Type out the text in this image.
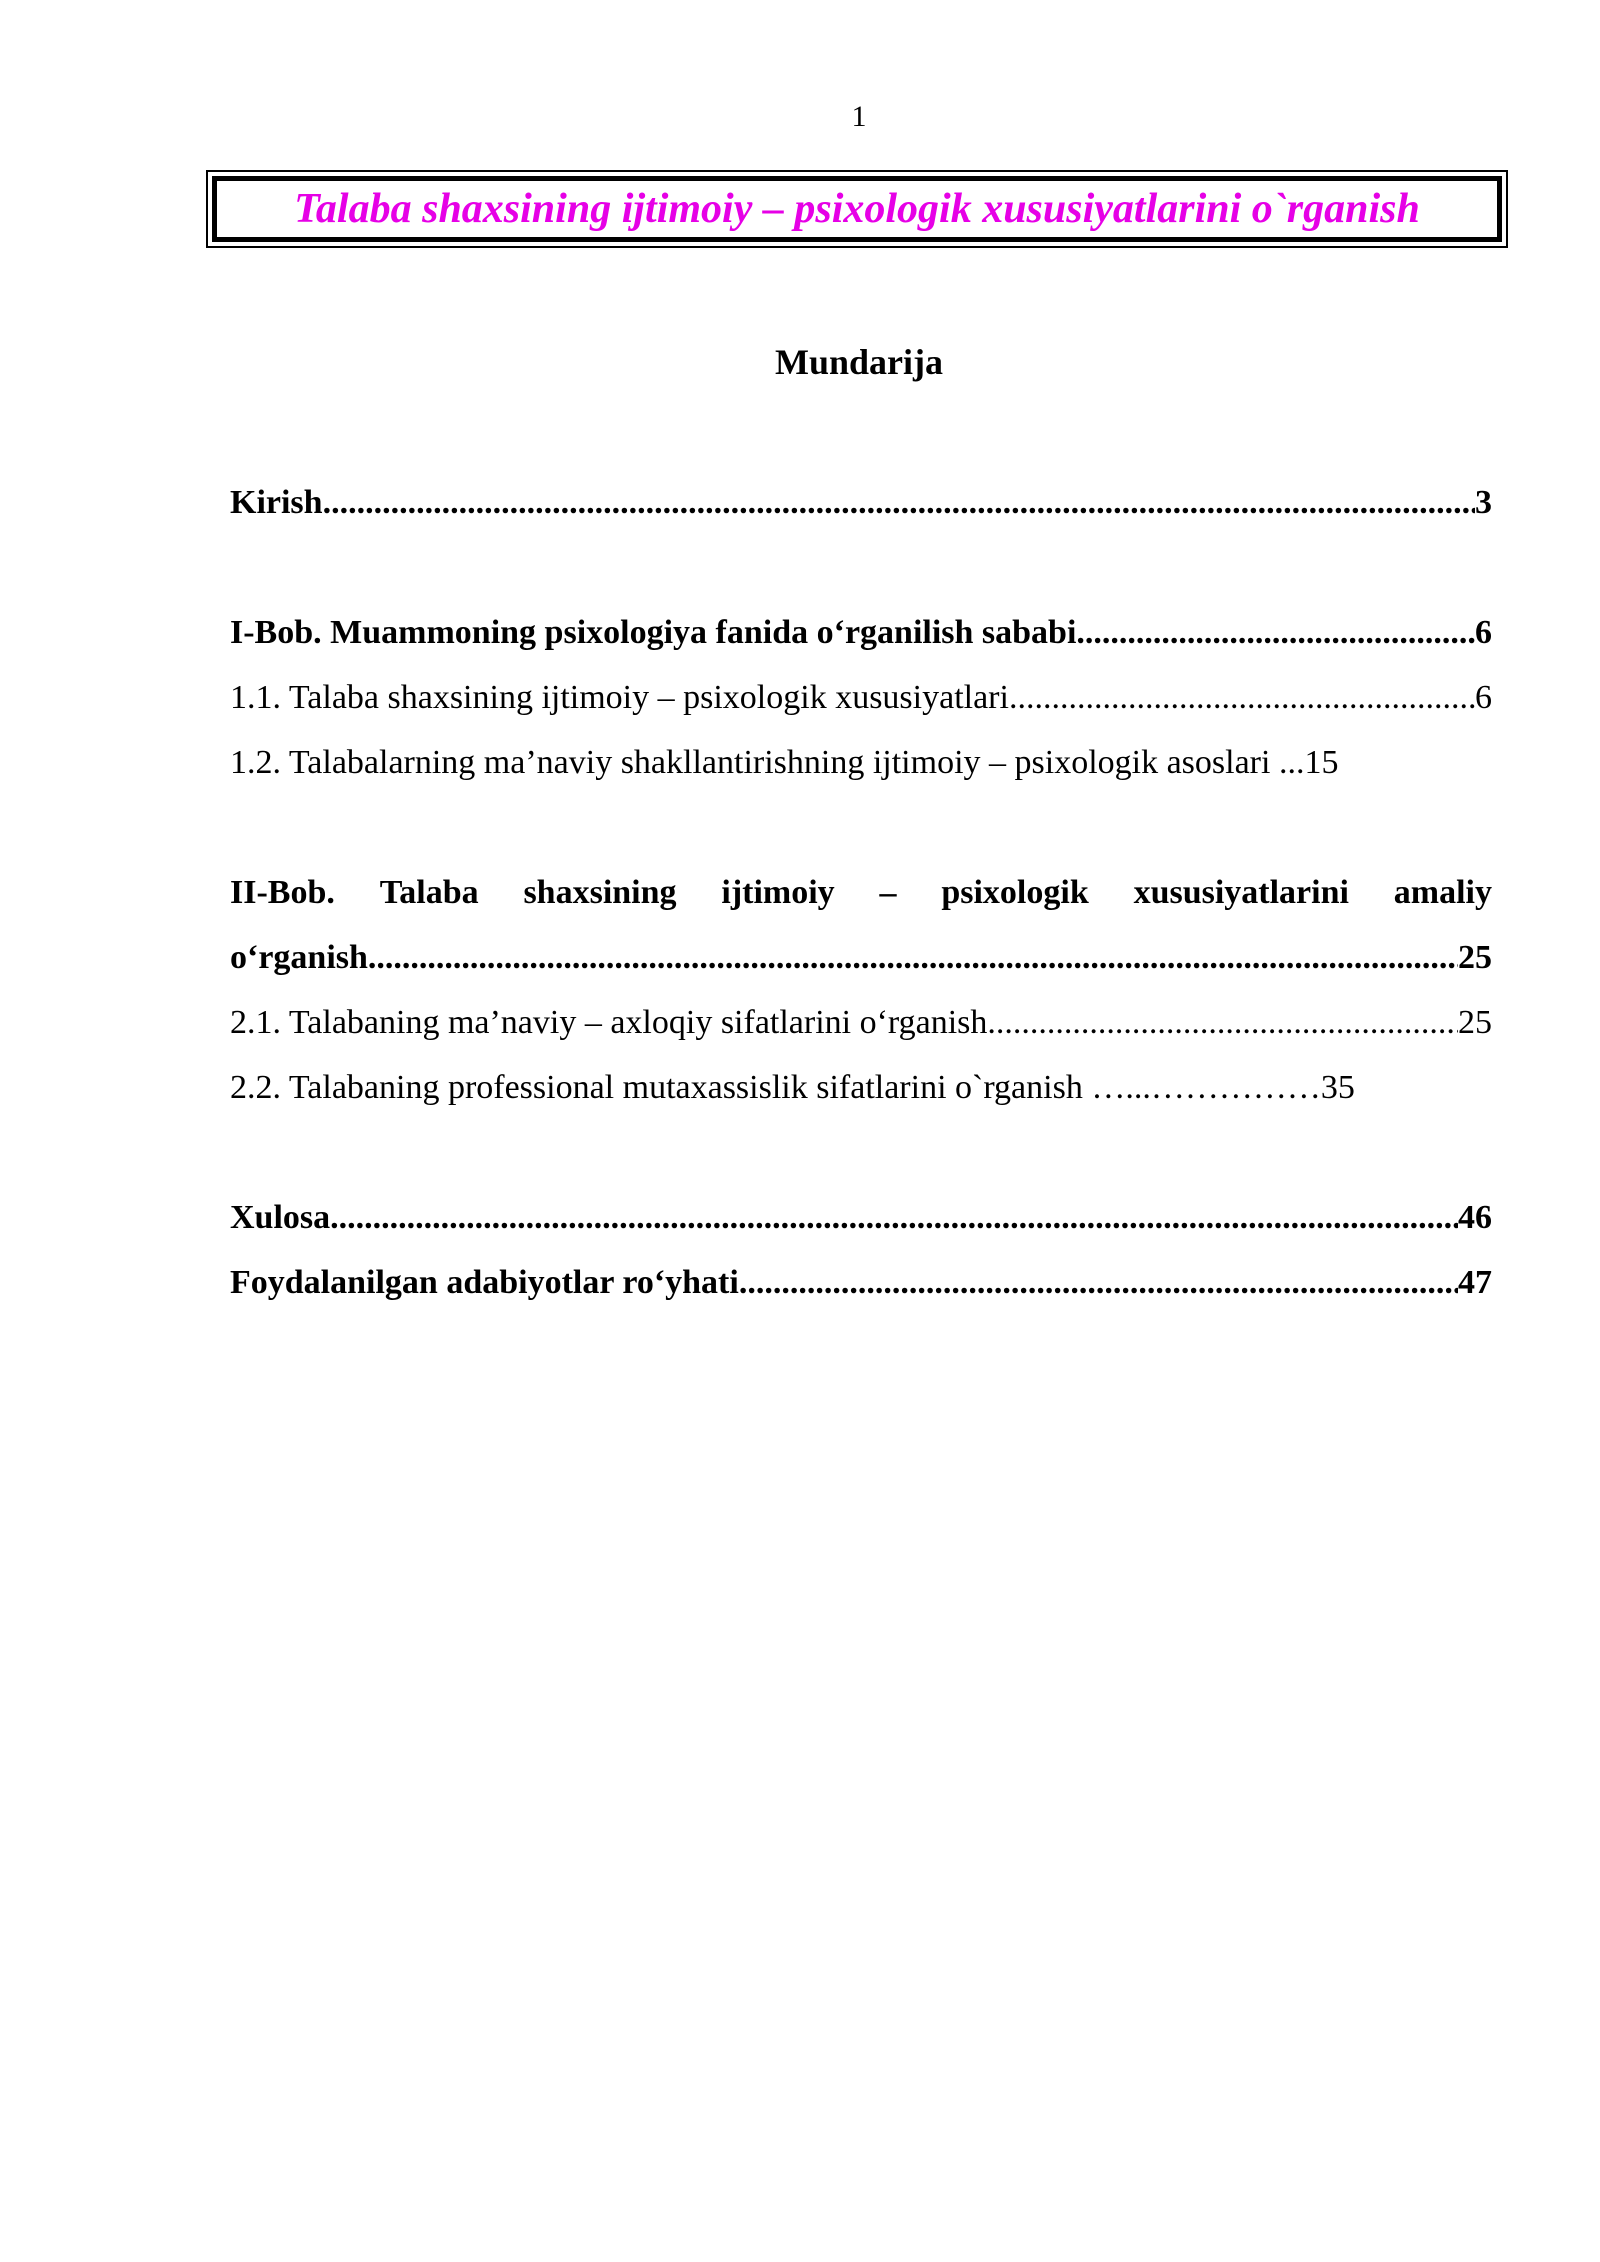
1
Talaba shaxsining ijtimoiy – psixologik xususiyatlarini o`rganish
Mundarija
Kirish .....	3
I-Bob. Muammoning psixologiya fanida o‘rganilish sababi .....	6
1.1. Talaba shaxsining ijtimoiy – psixologik xususiyatlari .....	6
1.2. Talabalarning ma’naviy shakllantirishning ijtimoiy – psixologik asoslari ... 15
II-Bob. Talaba shaxsining ijtimoiy – psixologik xususiyatlarini amaliy
o‘rganish .....	25
2.1. Talabaning ma’naviy – axloqiy sifatlarini o‘rganish .....	25
2.2. Talabaning professional mutaxassislik sifatlarini o`rganish …...…………… 35
Xulosa .....	46
Foydalanilgan adabiyotlar ro‘yhati .....	47
